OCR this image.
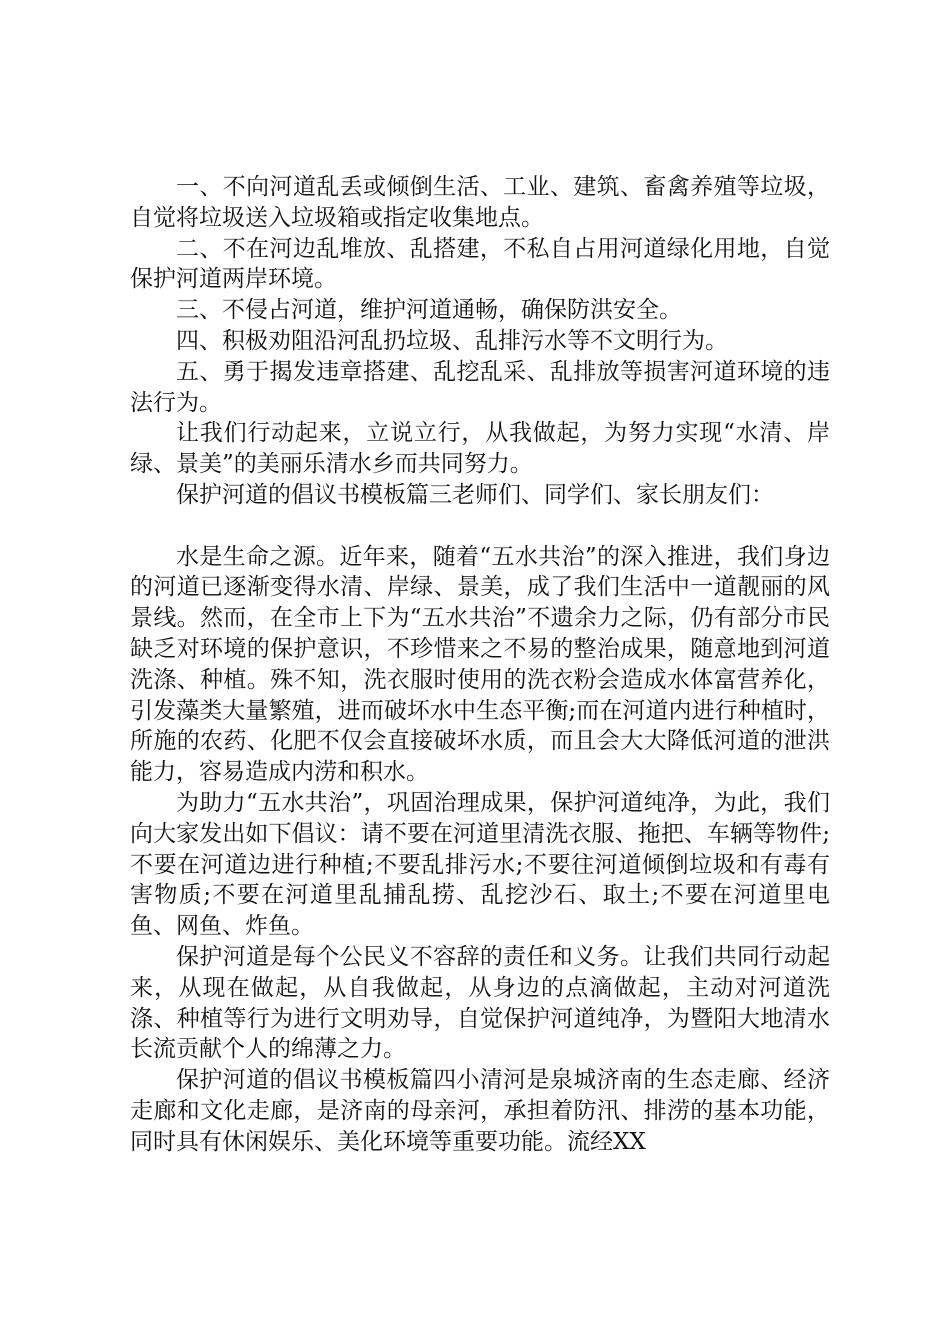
一、不向河道乱丢或倾倒生活、工业、建筑、畜禽养殖等垃圾，自觉将垃圾送入垃圾箱或指定收集地点。

二、不在河边乱堆放、乱搭建，不私自占用河道绿化用地，自觉保护河道两岸环境。

三、不侵占河道，维护河道通畅，确保防洪安全。

四、积极劝阻沿河乱扔垃圾、乱排污水等不文明行为。

五、勇于揭发违章搭建、乱挖乱采、乱排放等损害河道环境的违法行为。

让我们行动起来，立说立行，从我做起，为努力实现“水清、岸绿、景美”的美丽乐清水乡而共同努力。

保护河道的倡议书模板篇三老师们、同学们、家长朋友们：

水是生命之源。近年来，随着“五水共治”的深入推进，我们身边的河道已逐渐变得水清、岸绿、景美，成了我们生活中一道靓丽的风景线。然而，在全市上下为“五水共治”不遗余力之际，仍有部分市民缺乏对环境的保护意识，不珍惜来之不易的整治成果，随意地到河道洗涤、种植。殊不知，洗衣服时使用的洗衣粉会造成水体富营养化，引发藻类大量繁殖，进而破坏水中生态平衡;而在河道内进行种植时，所施的农药、化肥不仅会直接破坏水质，而且会大大降低河道的泄洪能力，容易造成内涝和积水。

为助力“五水共治”，巩固治理成果，保护河道纯净，为此，我们向大家发出如下倡议：请不要在河道里清洗衣服、拖把、车辆等物件;不要在河道边进行种植;不要乱排污水;不要往河道倾倒垃圾和有毒有害物质;不要在河道里乱捕乱捞、乱挖沙石、取土;不要在河道里电鱼、网鱼、炸鱼。

保护河道是每个公民义不容辞的责任和义务。让我们共同行动起来，从现在做起，从自我做起，从身边的点滴做起，主动对河道洗涤、种植等行为进行文明劝导，自觉保护河道纯净，为暨阳大地清水长流贡献个人的绵薄之力。

保护河道的倡议书模板篇四小清河是泉城济南的生态走廊、经济走廊和文化走廊，是济南的母亲河，承担着防汛、排涝的基本功能，同时具有休闲娱乐、美化环境等重要功能。流经XX
